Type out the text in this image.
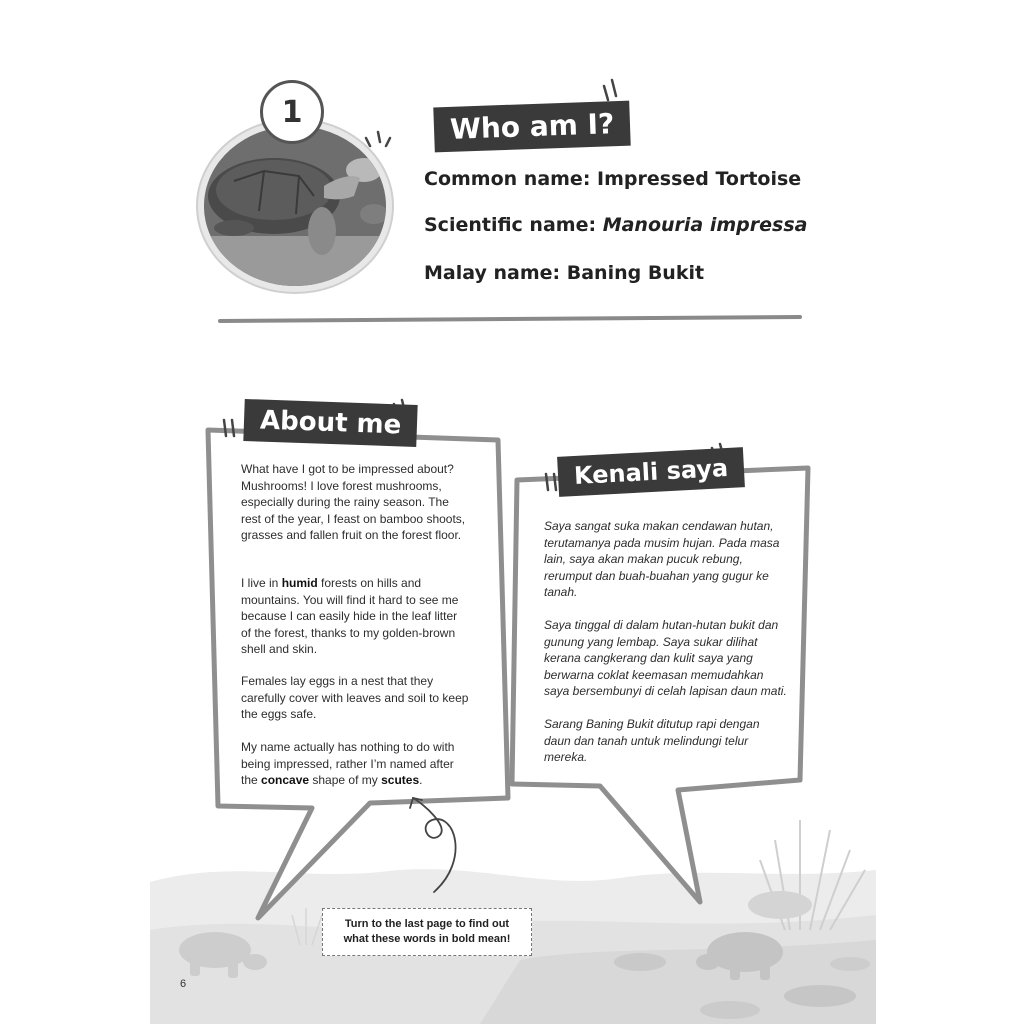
1	Who am I?
Common name: Impressed Tortoise
Scientific name: Manouria impressa
Malay name: Baning Bukit
About me
What have I got to be impressed about? Mushrooms! I love forest mushrooms, especially during the rainy season. The rest of the year, I feast on bamboo shoots, grasses and fallen fruit on the forest floor.
I live in humid forests on hills and mountains. You will find it hard to see me because I can easily hide in the leaf litter of the forest, thanks to my golden-brown shell and skin.
Females lay eggs in a nest that they carefully cover with leaves and soil to keep the eggs safe.
My name actually has nothing to do with being impressed, rather I’m named after the concave shape of my scutes.
Kenali saya
Saya sangat suka makan cendawan hutan, terutamanya pada musim hujan. Pada masa lain, saya akan makan pucuk rebung, rerumput dan buah-buahan yang gugur ke tanah.
Saya tinggal di dalam hutan-hutan bukit dan gunung yang lembap. Saya sukar dilihat kerana cangkerang dan kulit saya yang berwarna coklat keemasan memudahkan saya bersembunyi di celah lapisan daun mati.
Sarang Baning Bukit ditutup rapi dengan daun dan tanah untuk melindungi telur mereka.
Turn to the last page to find out
what these words in bold mean!
6
